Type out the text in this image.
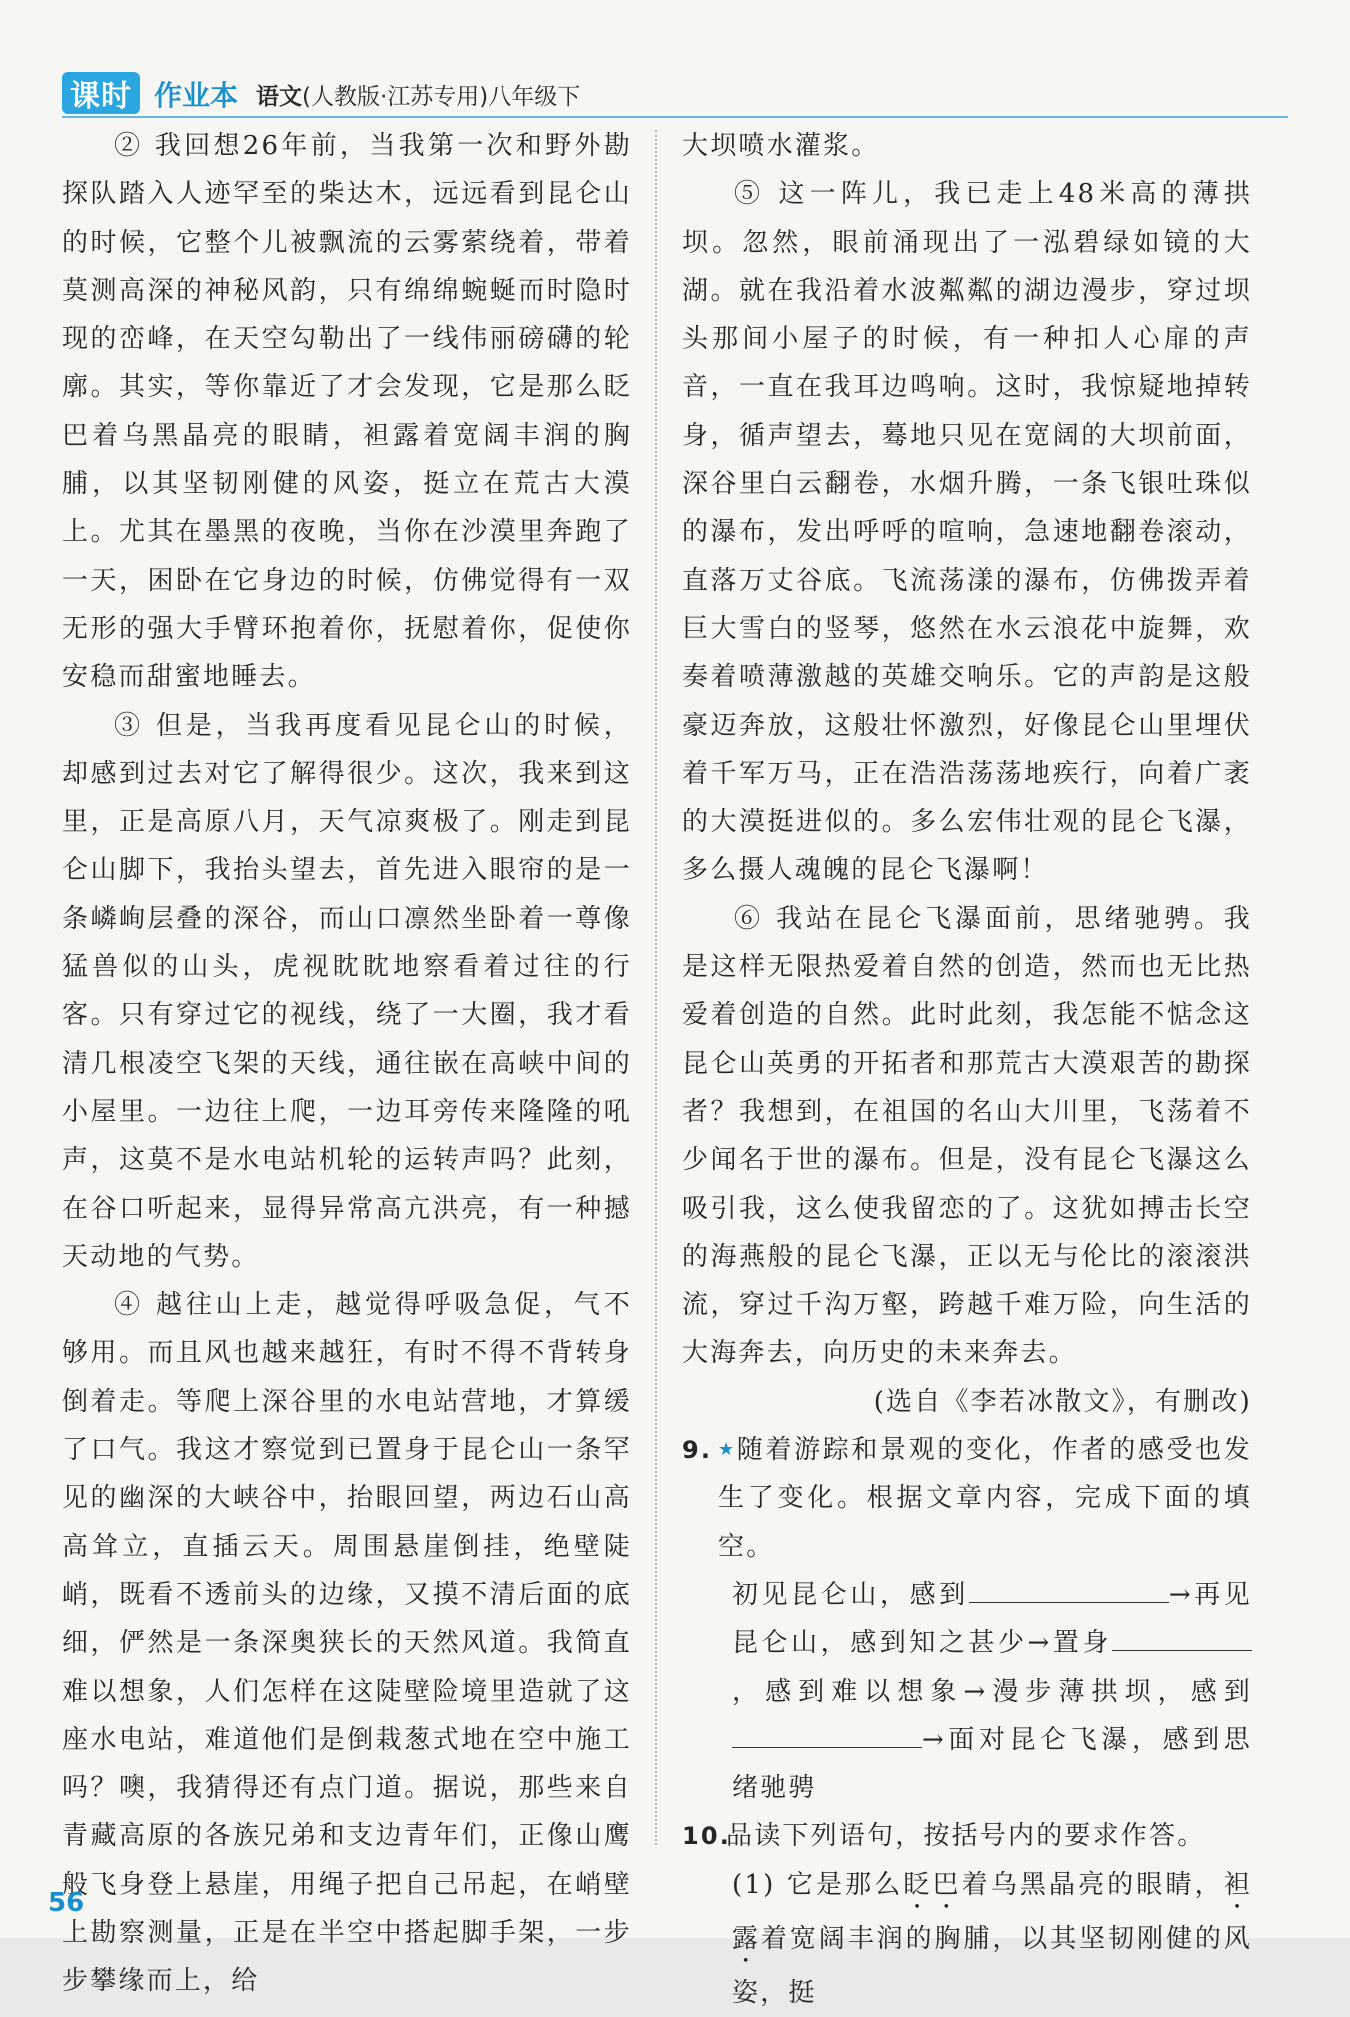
课时 作业本 语文(人教版·江苏专用)八年级下

② 我回想26年前，当我第一次和野外勘探队踏入人迹罕至的柴达木，远远看到昆仑山的时候，它整个儿被飘流的云雾萦绕着，带着莫测高深的神秘风韵，只有绵绵蜿蜒而时隐时现的峦峰，在天空勾勒出了一线伟丽磅礴的轮廓。其实，等你靠近了才会发现，它是那么眨巴着乌黑晶亮的眼睛，袒露着宽阔丰润的胸脯，以其坚韧刚健的风姿，挺立在荒古大漠上。尤其在墨黑的夜晚，当你在沙漠里奔跑了一天，困卧在它身边的时候，仿佛觉得有一双无形的强大手臂环抱着你，抚慰着你，促使你安稳而甜蜜地睡去。

③ 但是，当我再度看见昆仑山的时候，却感到过去对它了解得很少。这次，我来到这里，正是高原八月，天气凉爽极了。刚走到昆仑山脚下，我抬头望去，首先进入眼帘的是一条嶙峋层叠的深谷，而山口凛然坐卧着一尊像猛兽似的山头，虎视眈眈地察看着过往的行客。只有穿过它的视线，绕了一大圈，我才看清几根凌空飞架的天线，通往嵌在高峡中间的小屋里。一边往上爬，一边耳旁传来隆隆的吼声，这莫不是水电站机轮的运转声吗？此刻，在谷口听起来，显得异常高亢洪亮，有一种撼天动地的气势。

④ 越往山上走，越觉得呼吸急促，气不够用。而且风也越来越狂，有时不得不背转身倒着走。等爬上深谷里的水电站营地，才算缓了口气。我这才察觉到已置身于昆仑山一条罕见的幽深的大峡谷中，抬眼回望，两边石山高高耸立，直插云天。周围悬崖倒挂，绝壁陡峭，既看不透前头的边缘，又摸不清后面的底细，俨然是一条深奥狭长的天然风道。我简直难以想象，人们怎样在这陡壁险境里造就了这座水电站，难道他们是倒栽葱式地在空中施工吗？噢，我猜得还有点门道。据说，那些来自青藏高原的各族兄弟和支边青年们，正像山鹰般飞身登上悬崖，用绳子把自己吊起，在峭壁上勘察测量，正是在半空中搭起脚手架，一步步攀缘而上，给

大坝喷水灌浆。

⑤ 这一阵儿，我已走上48米高的薄拱坝。忽然，眼前涌现出了一泓碧绿如镜的大湖。就在我沿着水波粼粼的湖边漫步，穿过坝头那间小屋子的时候，有一种扣人心扉的声音，一直在我耳边鸣响。这时，我惊疑地掉转身，循声望去，蓦地只见在宽阔的大坝前面，深谷里白云翻卷，水烟升腾，一条飞银吐珠似的瀑布，发出呼呼的喧响，急速地翻卷滚动，直落万丈谷底。飞流荡漾的瀑布，仿佛拨弄着巨大雪白的竖琴，悠然在水云浪花中旋舞，欢奏着喷薄激越的英雄交响乐。它的声韵是这般豪迈奔放，这般壮怀激烈，好像昆仑山里埋伏着千军万马，正在浩浩荡荡地疾行，向着广袤的大漠挺进似的。多么宏伟壮观的昆仑飞瀑，多么摄人魂魄的昆仑飞瀑啊！

⑥ 我站在昆仑飞瀑面前，思绪驰骋。我是这样无限热爱着自然的创造，然而也无比热爱着创造的自然。此时此刻，我怎能不惦念这昆仑山英勇的开拓者和那荒古大漠艰苦的勘探者？我想到，在祖国的名山大川里，飞荡着不少闻名于世的瀑布。但是，没有昆仑飞瀑这么吸引我，这么使我留恋的了。这犹如搏击长空的海燕般的昆仑飞瀑，正以无与伦比的滚滚洪流，穿过千沟万壑，跨越千难万险，向生活的大海奔去，向历史的未来奔去。

(选自《李若冰散文》，有删改)

9. ★随着游踪和景观的变化，作者的感受也发生了变化。根据文章内容，完成下面的填空。

初见昆仑山，感到	→再见昆仑山，感到知之甚少→置身，感到难以想象→漫步薄拱坝，感到→面对昆仑飞瀑，感到思绪驰骋

10.

品读下列语句，按括号内的要求作答。

(1) 它是那么眨巴着乌黑晶亮的眼睛，袒露着宽阔丰润的胸脯，以其坚韧刚健的风姿，挺

56
